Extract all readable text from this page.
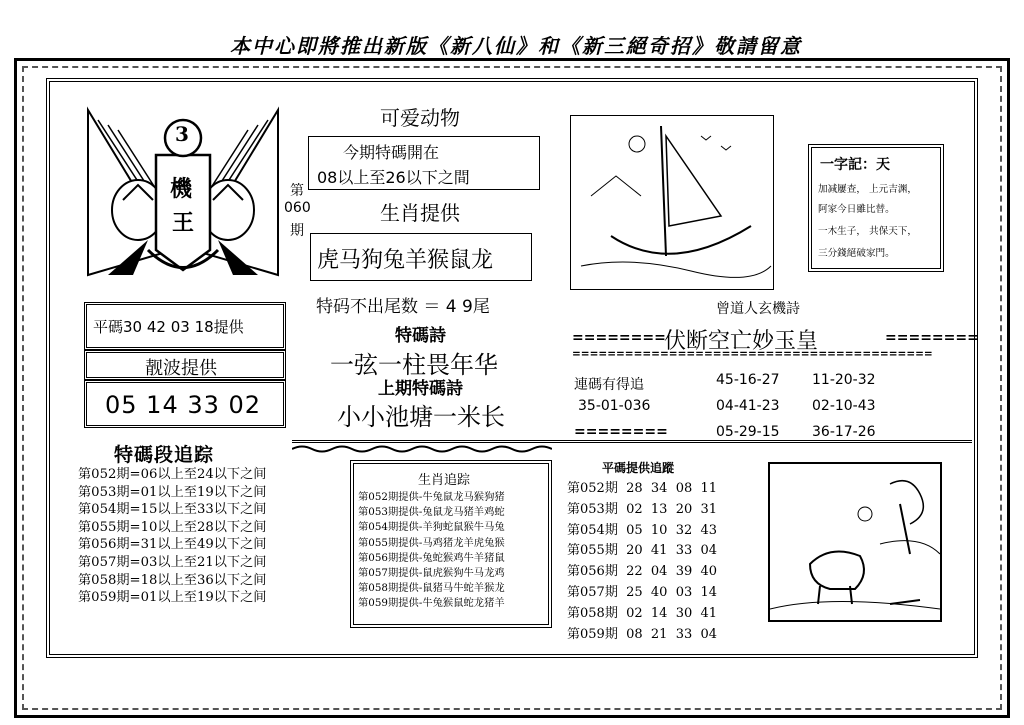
本中心即將推出新版《新八仙》和《新三絕奇招》敬請留意
3
機
王
第
060
期
可爱动物
今期特碼開在
08以上至26以下之間
生肖提供
虎马狗兔羊猴鼠龙
特码不出尾数 ＝ 4 9尾
平碼30 42 03 18提供
靓波提供
05 14 33 02
特碼詩
一弦一柱畏年华
上期特碼詩
小小池塘一米长
一字記：天
加减屢查， 上元吉渊，
阿家今日雖比替。
一木生子， 共保天下，
三分錢絕破家門。
曾道人玄機詩
========
伏断空亡妙玉皇	========
=========================================
連碼有得追	45-16-27 11-20-32
35-01-036	04-41-23 02-10-43
========	05-29-15 36-17-26
特碼段追踪
第052期=06以上至24以下之间
第053期=01以上至19以下之间
第054期=15以上至33以下之间
第055期=10以上至28以下之间
第056期=31以上至49以下之间
第057期=03以上至21以下之间
第058期=18以上至36以下之间
第059期=01以上至19以下之间
生肖追踪
第052期提供-牛兔鼠龙马猴狗猪
第053期提供-兔鼠龙马猪羊鸡蛇
第054期提供-羊狗蛇鼠猴牛马兔
第055期提供-马鸡猪龙羊虎兔猴
第056期提供-兔蛇猴鸡牛羊猪鼠
第057期提供-鼠虎猴狗牛马龙鸡
第058期提供-鼠猪马牛蛇羊猴龙
第059期提供-牛兔猴鼠蛇龙猪羊
平碼提供追蹤
第052期 28 34 08 11
第053期 02 13 20 31
第054期 05 10 32 43
第055期 20 41 33 04
第056期 22 04 39 40
第057期 25 40 03 14
第058期 02 14 30 41
第059期 08 21 33 04
